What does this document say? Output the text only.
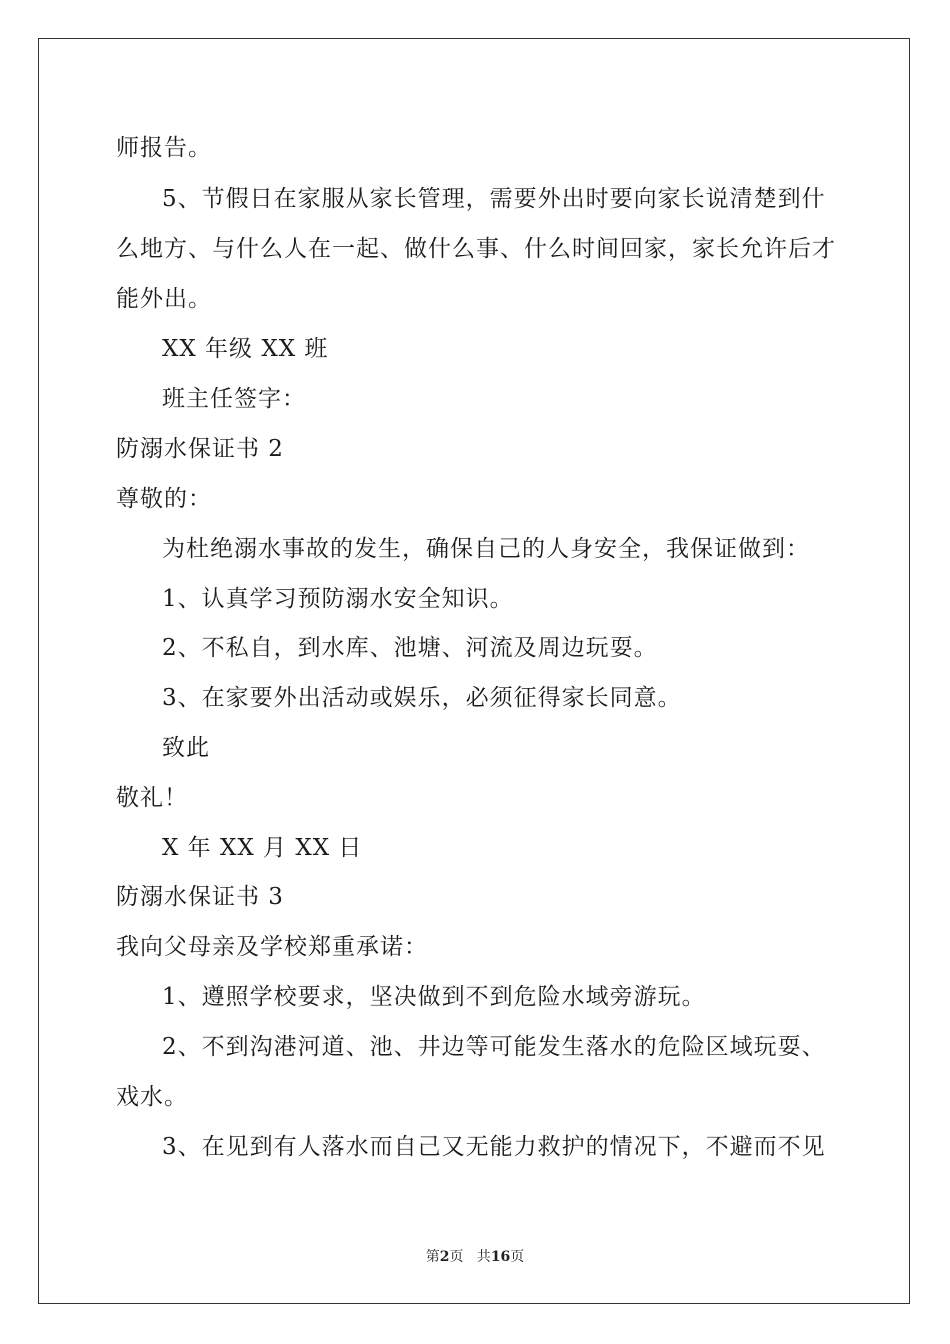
师报告。
5、节假日在家服从家长管理，需要外出时要向家长说清楚到什
么地方、与什么人在一起、做什么事、什么时间回家，家长允许后才
能外出。
XX 年级 XX 班
班主任签字：
防溺水保证书 2
尊敬的：
为杜绝溺水事故的发生，确保自己的人身安全，我保证做到：
1、认真学习预防溺水安全知识。
2、不私自，到水库、池塘、河流及周边玩耍。
3、在家要外出活动或娱乐，必须征得家长同意。
致此
敬礼！
X 年 XX 月 XX 日
防溺水保证书 3
我向父母亲及学校郑重承诺：
1、遵照学校要求，坚决做到不到危险水域旁游玩。
2、不到沟港河道、池、井边等可能发生落水的危险区域玩耍、
戏水。
3、在见到有人落水而自己又无能力救护的情况下，不避而不见
第2页   共16页
